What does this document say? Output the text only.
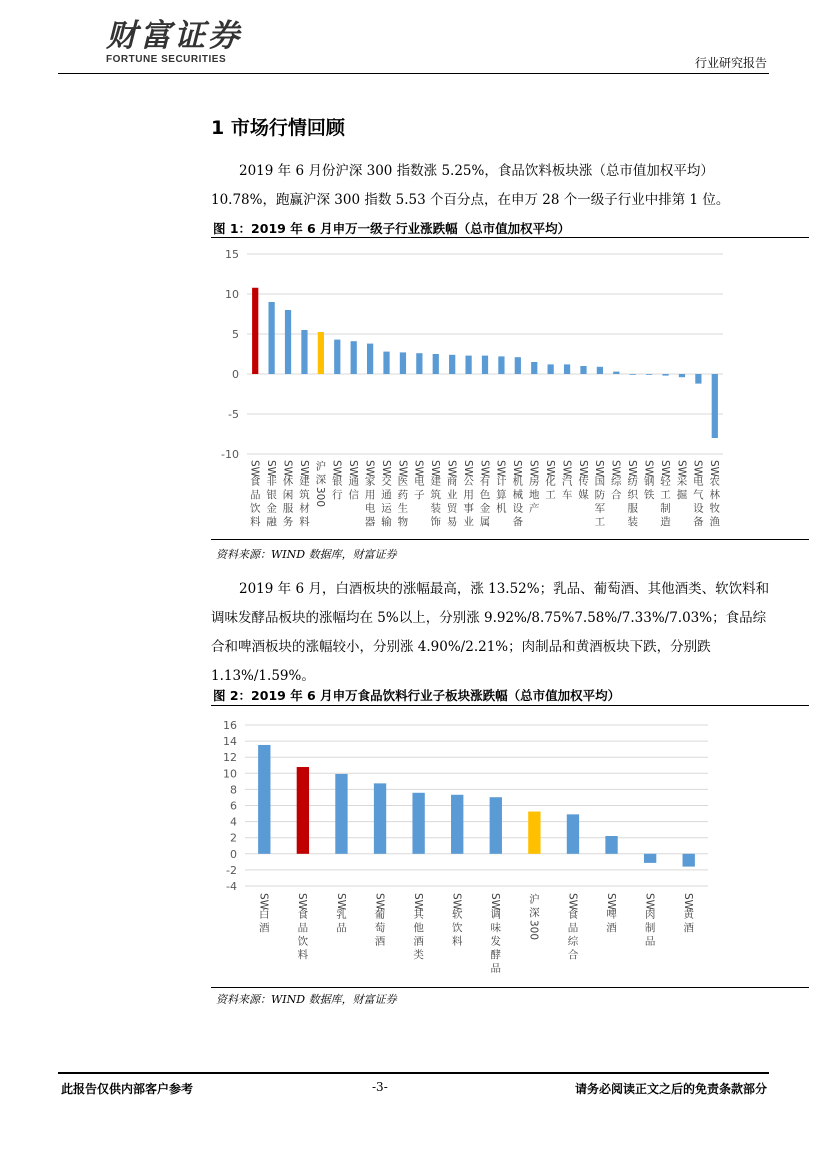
财富证券
FORTUNE SECURITIES	行业研究报告
1 市场行情回顾
2019 年 6 月份沪深 300 指数涨 5.25%，食品饮料板块涨（总市值加权平均）10.78%，跑赢沪深 300 指数 5.53 个百分点，在申万 28 个一级子行业中排第 1 位。
图 1：2019 年 6 月申万一级子行业涨跌幅（总市值加权平均）
15
10
5
0
-5
-10
SW
食
品
饮
料
SW
非
银
金
融
SW
休
闲
服
务
SW
建
筑
材
料
沪
深
300
SW
银
行
SW
通
信
SW
家
用
电
器
SW
交
通
运
输
SW
医
药
生
物
SW
电
子
SW
建
筑
装
饰
SW
商
业
贸
易
SW
公
用
事
业
SW
有
色
金
属
SW
计
算
机
SW
机
械
设
备
SW
房
地
产
SW
化
工
SW
汽
车
SW
传
媒
SW
国
防
军
工
SW
综
合
SW
纺
织
服
装
SW
钢
铁
SW
轻
工
制
造
SW
采
掘
SW
电
气
设
备
SW
农
林
牧
渔
资料来源：WIND 数据库，财富证券
2019 年 6 月，白酒板块的涨幅最高，涨 13.52%；乳品、葡萄酒、其他酒类、软饮料和调味发酵品板块的涨幅均在 5%以上，分别涨 9.92%/8.75%7.58%/7.33%/7.03%；食品综合和啤酒板块的涨幅较小，分别涨 4.90%/2.21%；肉制品和黄酒板块下跌，分别跌 1.13%/1.59%。
图 2：2019 年 6 月申万食品饮料行业子板块涨跌幅（总市值加权平均）
16
14
12
10
8
6
4
2
0
-2
-4
SW
白
酒
SW
食
品
饮
料
SW
乳
品
SW
葡
萄
酒
SW
其
他
酒
类
SW
软
饮
料
SW
调
味
发
酵
品
沪
深
300
SW
食
品
综
合
SW
啤
酒
SW
肉
制
品
SW
黄
酒
资料来源：WIND 数据库，财富证券
此报告仅供内部客户参考	-3-	请务必阅读正文之后的免责条款部分
